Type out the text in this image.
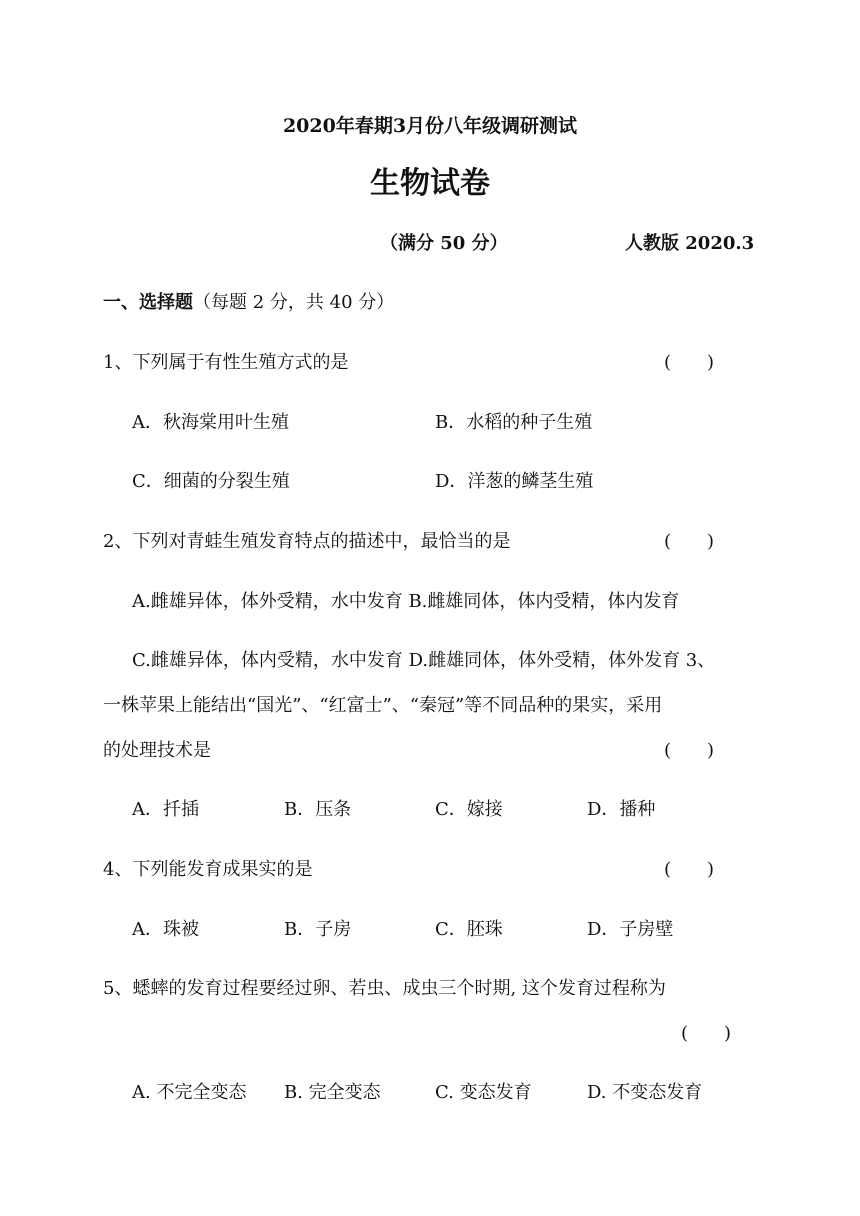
2020年春期3月份八年级调研测试
生物试卷
（满分 50 分）	人教版 2020.3
一、选择题（每题 2 分，共 40 分）
1、下列属于有性生殖方式的是	(　　)
A．秋海棠用叶生殖	B．水稻的种子生殖
C．细菌的分裂生殖	D．洋葱的鳞茎生殖
2、下列对青蛙生殖发育特点的描述中，最恰当的是	(　　)
A.雌雄异体，体外受精，水中发育 B.雌雄同体，体内受精，体内发育
C.雌雄异体，体内受精，水中发育 D.雌雄同体，体外受精，体外发育 3、
一株苹果上能结出“国光”、“红富士”、“秦冠”等不同品种的果实，采用
的处理技术是	(　　)
A．扦插	B．压条	C．嫁接	D．播种
4、下列能发育成果实的是	(　　)
A．珠被	B．子房	C．胚珠	D．子房壁
5、蟋蟀的发育过程要经过卵、若虫、成虫三个时期, 这个发育过程称为
(　　)
A. 不完全变态 B. 完全变态	C. 变态发育	D. 不变态发育
